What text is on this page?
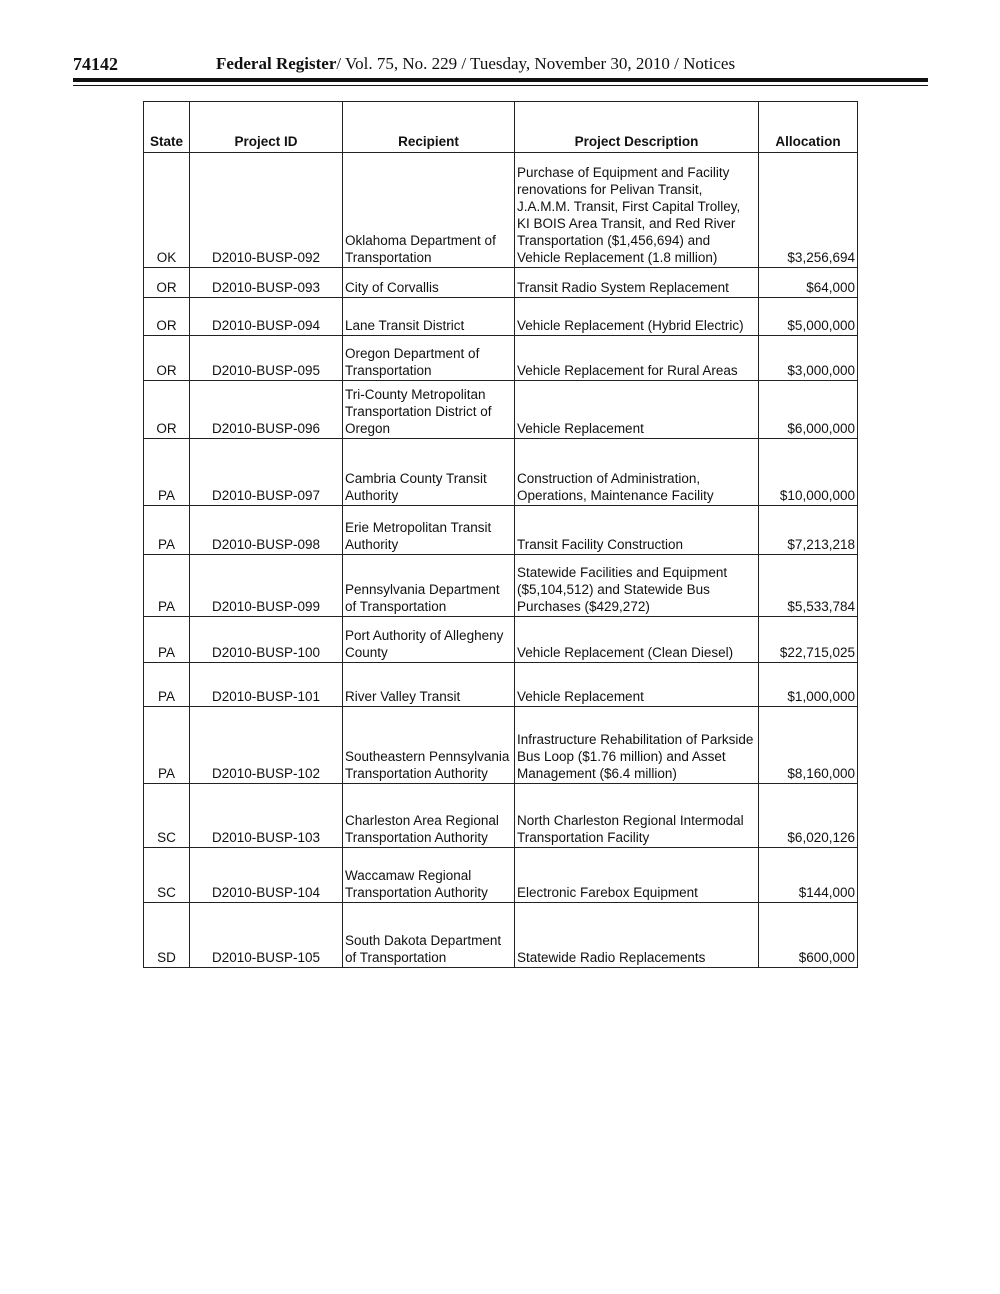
74142	Federal Register/ Vol. 75, No. 229 / Tuesday, November 30, 2010 / Notices
State	Project ID	Recipient	Project Description	Allocation
OK	D2010-BUSP-092	Oklahoma Department of Transportation	Purchase of Equipment and Facility renovations for Pelivan Transit, J.A.M.M. Transit, First Capital Trolley, KI BOIS Area Transit, and Red River Transportation ($1,456,694) and Vehicle Replacement (1.8 million)	$3,256,694
OR	D2010-BUSP-093	City of Corvallis	Transit Radio System Replacement	$64,000
OR	D2010-BUSP-094	Lane Transit District	Vehicle Replacement (Hybrid Electric)	$5,000,000
OR	D2010-BUSP-095	Oregon Department of Transportation	Vehicle Replacement for Rural Areas	$3,000,000
OR	D2010-BUSP-096	Tri-County Metropolitan Transportation District of Oregon	Vehicle Replacement	$6,000,000
PA	D2010-BUSP-097	Cambria County Transit Authority	Construction of Administration, Operations, Maintenance Facility	$10,000,000
PA	D2010-BUSP-098	Erie Metropolitan Transit Authority	Transit Facility Construction	$7,213,218
PA	D2010-BUSP-099	Pennsylvania Department of Transportation	Statewide Facilities and Equipment ($5,104,512) and Statewide Bus Purchases ($429,272)	$5,533,784
PA	D2010-BUSP-100	Port Authority of Allegheny County	Vehicle Replacement (Clean Diesel)	$22,715,025
PA	D2010-BUSP-101	River Valley Transit	Vehicle Replacement	$1,000,000
PA	D2010-BUSP-102	Southeastern Pennsylvania Transportation Authority	Infrastructure Rehabilitation of Parkside Bus Loop ($1.76 million) and Asset Management ($6.4 million)	$8,160,000
SC	D2010-BUSP-103	Charleston Area Regional Transportation Authority	North Charleston Regional Intermodal Transportation Facility	$6,020,126
SC	D2010-BUSP-104	Waccamaw Regional Transportation Authority	Electronic Farebox Equipment	$144,000
SD	D2010-BUSP-105	South Dakota Department of Transportation	Statewide Radio Replacements	$600,000
